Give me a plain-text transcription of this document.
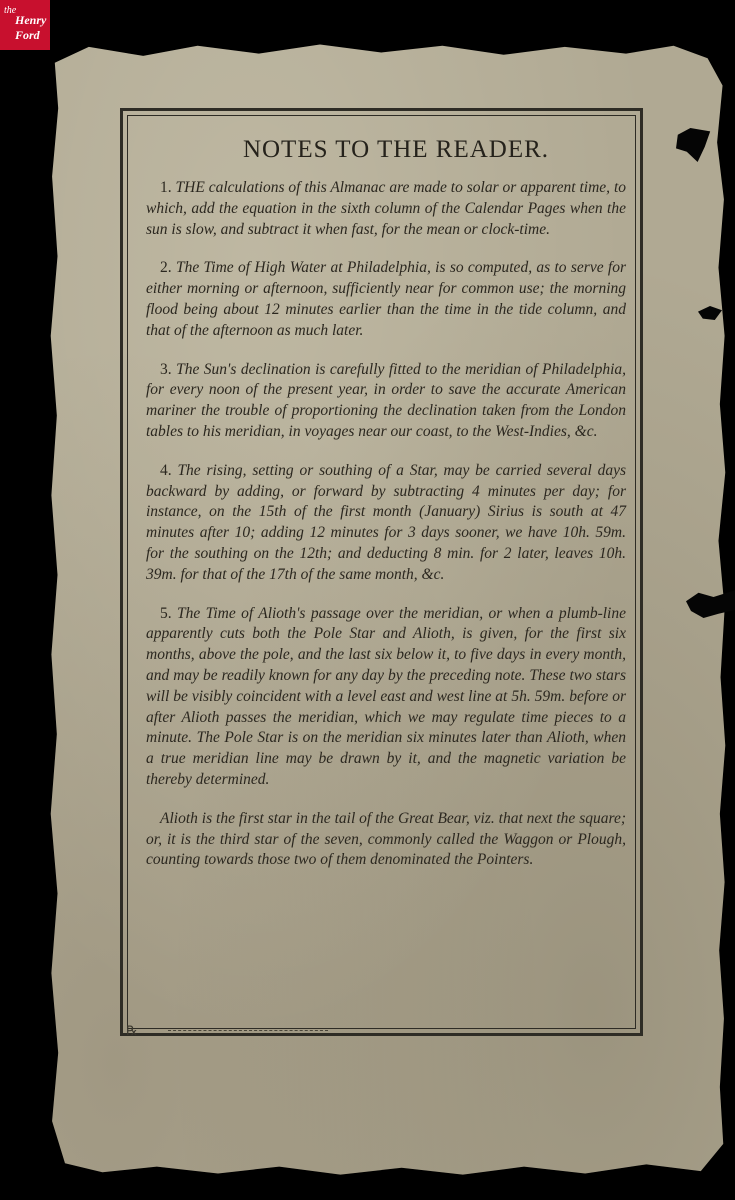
the
Henry
Ford
NOTES TO THE READER.

1. THE calculations of this Almanac are made to solar or apparent time, to which, add the equation in the sixth column of the Calendar Pages when the sun is slow, and subtract it when fast, for the mean or clock-time.

2. The Time of High Water at Philadelphia, is so computed, as to serve for either morning or afternoon, sufficiently near for common use; the morning flood being about 12 minutes earlier than the time in the tide column, and that of the afternoon as much later.

3. The Sun's declination is carefully fitted to the meridian of Philadelphia, for every noon of the present year, in order to save the accurate American mariner the trouble of proportioning the declination taken from the London tables to his meridian, in voyages near our coast, to the West-Indies, &c.

4. The rising, setting or southing of a Star, may be carried several days backward by adding, or forward by subtracting 4 minutes per day; for instance, on the 15th of the first month (January) Sirius is south at 47 minutes after 10; adding 12 minutes for 3 days sooner, we have 10h. 59m. for the southing on the 12th; and deducting 8 min. for 2 later, leaves 10h. 39m. for that of the 17th of the same month, &c.

5. The Time of Alioth's passage over the meridian, or when a plumb-line apparently cuts both the Pole Star and Alioth, is given, for the first six months, above the pole, and the last six below it, to five days in every month, and may be readily known for any day by the preceding note. These two stars will be visibly coincident with a level east and west line at 5h. 59m. before or after Alioth passes the meridian, which we may regulate time pieces to a minute. The Pole Star is on the meridian six minutes later than Alioth, when a true meridian line may be drawn by it, and the magnetic variation be thereby determined.

Alioth is the first star in the tail of the Great Bear, viz. that next the square; or, it is the third star of the seven, commonly called the Waggon or Plough, counting towards those two of them denominated the Pointers.

℞
